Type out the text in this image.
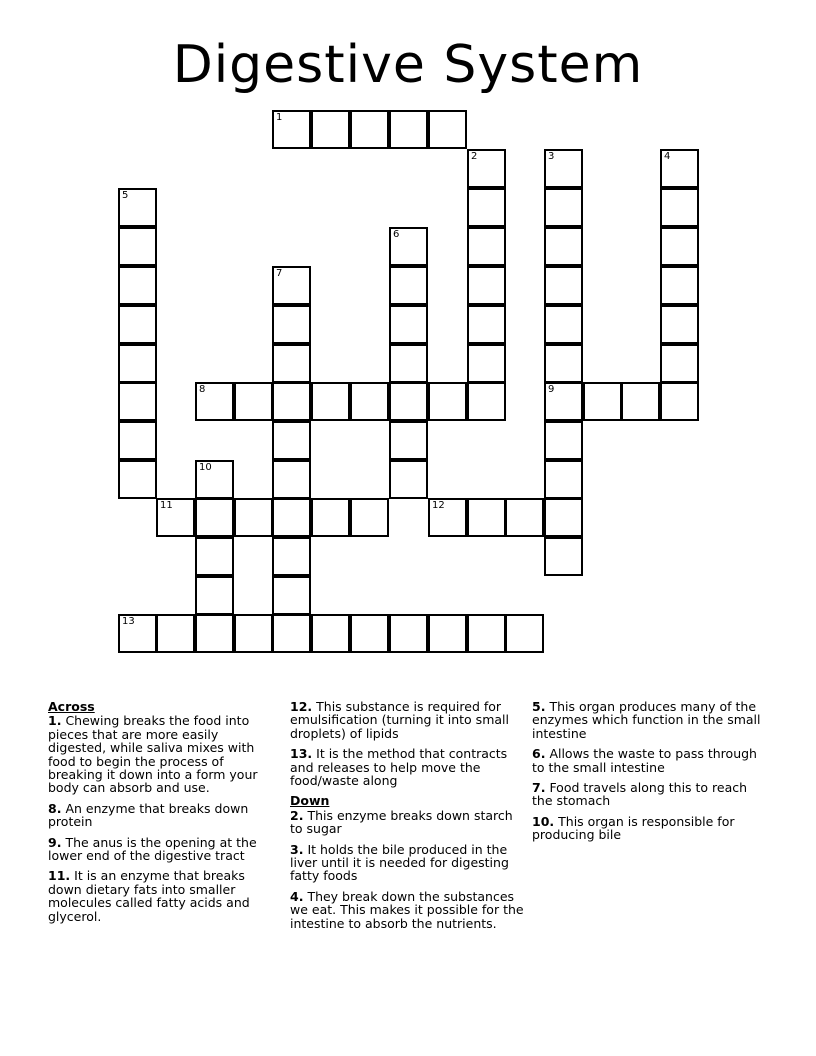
Digestive System
1
2	3
9
4
5
6
7
8
10
11	12
13
Across
1. Chewing breaks the food into pieces that are more easily digested, while saliva mixes with food to begin the process of breaking it down into a form your body can absorb and use.
8. An enzyme that breaks down protein
9. The anus is the opening at the lower end of the digestive tract
11. It is an enzyme that breaks down dietary fats into smaller molecules called fatty acids and glycerol.
12. This substance is required for emulsification (turning it into small droplets) of lipids
13. It is the method that contracts and releases to help move the food/waste along
Down
2. This enzyme breaks down starch to sugar
3. It holds the bile produced in the liver until it is needed for digesting fatty foods
4. They break down the substances we eat. This makes it possible for the intestine to absorb the nutrients.
5. This organ produces many of the enzymes which function in the small intestine
6. Allows the waste to pass through to the small intestine
7. Food travels along this to reach the stomach
10. This organ is responsible for producing bile
